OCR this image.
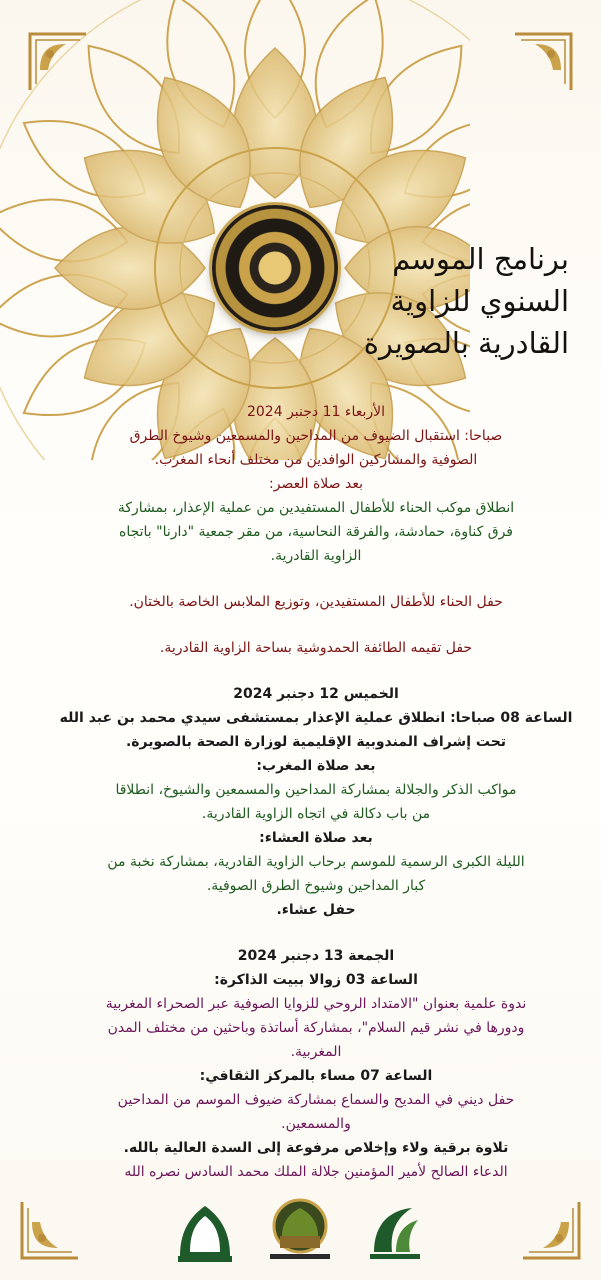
برنامج الموسم
السنوي للزاوية
القادرية بالصويرة
الأربعاء 11 دجنبر 2024
صباحا: استقبال الضيوف من المداحين والمسمعين وشيوخ الطرق
الصوفية والمشاركين الوافدين من مختلف أنحاء المغرب.
بعد صلاة العصر:
انطلاق موكب الحناء للأطفال المستفيدين من عملية الإعذار، بمشاركة
فرق كناوة، حمادشة، والفرقة النحاسية، من مقر جمعية "دارنا" باتجاه
الزاوية القادرية.
حفل الحناء للأطفال المستفيدين، وتوزيع الملابس الخاصة بالختان.
حفل تقيمه الطائفة الحمدوشية بساحة الزاوية القادرية.
الخميس 12 دجنبر 2024
الساعة 08 صباحا: انطلاق عملية الإعذار بمستشفى سيدي محمد بن عبد الله
تحت إشراف المندوبية الإقليمية لوزارة الصحة بالصويرة.
بعد صلاة المغرب:
مواكب الذكر والجلالة بمشاركة المداحين والمسمعين والشيوخ، انطلاقا
من باب دكالة في اتجاه الزاوية القادرية.
بعد صلاة العشاء:
الليلة الكبرى الرسمية للموسم برحاب الزاوية القادرية، بمشاركة نخبة من
كبار المداحين وشيوخ الطرق الصوفية.
حفل عشاء.
الجمعة 13 دجنبر 2024
الساعة 03 زوالا ببيت الذاكرة:
ندوة علمية بعنوان "الامتداد الروحي للزوايا الصوفية عبر الصحراء المغربية
ودورها في نشر قيم السلام"، بمشاركة أساتذة وباحثين من مختلف المدن
المغربية.
الساعة 07 مساء بالمركز الثقافي:
حفل ديني في المديح والسماع بمشاركة ضيوف الموسم من المداحين
والمسمعين.
تلاوة برقية ولاء وإخلاص مرفوعة إلى السدة العالية بالله.
الدعاء الصالح لأمير المؤمنين جلالة الملك محمد السادس نصره الله
